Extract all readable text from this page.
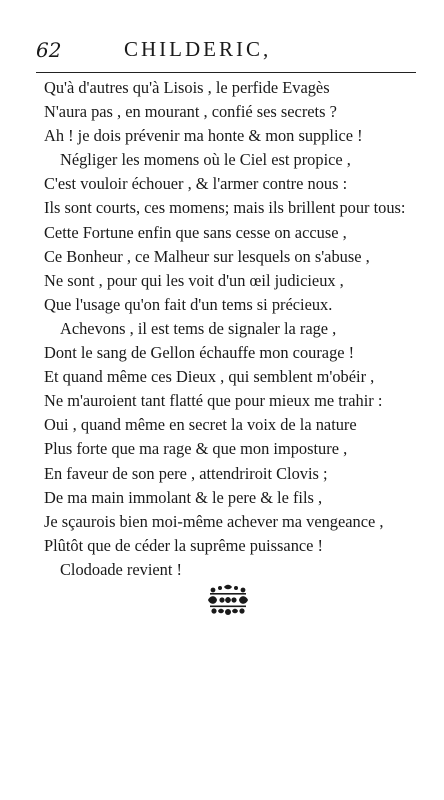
62	CHILDERIC,
Qu'à d'autres qu'à Lisois , le perfide Evagès
N'aura pas , en mourant , confié ses secrets ?
Ah ! je dois prévenir ma honte & mon supplice !
Négliger les momens où le Ciel est propice ,
C'est vouloir échouer , & l'armer contre nous :
Ils sont courts, ces momens; mais ils brillent pour tous:
Cette Fortune enfin que sans cesse on accuse ,
Ce Bonheur , ce Malheur sur lesquels on s'abuse ,
Ne sont , pour qui les voit d'un œil judicieux ,
Que l'usage qu'on fait d'un tems si précieux.
Achevons , il est tems de signaler la rage ,
Dont le sang de Gellon échauffe mon courage !
Et quand même ces Dieux , qui semblent m'obéir ,
Ne m'auroient tant flatté que pour mieux me trahir :
Oui , quand même en secret la voix de la nature
Plus forte que ma rage & que mon imposture ,
En faveur de son pere , attendriroit Clovis ;
De ma main immolant & le pere & le fils ,
Je sçaurois bien moi-même achever ma vengeance ,
Plûtôt que de céder la suprême puissance !
Clodoade revient !
